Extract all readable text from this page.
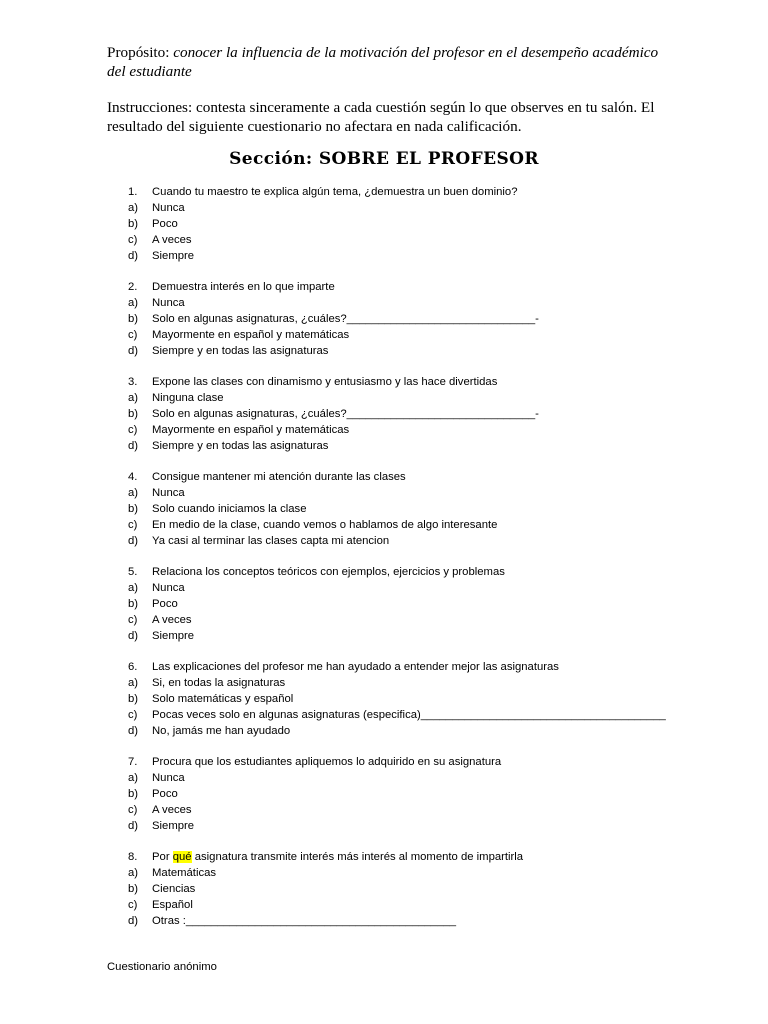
Propósito: conocer la influencia de la motivación del profesor en el desempeño académico del estudiante
Instrucciones: contesta sinceramente a cada cuestión según lo que observes en tu salón. El resultado del siguiente cuestionario no afectara en nada calificación.
Sección: SOBRE EL PROFESOR
1. Cuando tu maestro te explica algún tema, ¿demuestra un buen dominio?
a) Nunca
b) Poco
c) A veces
d) Siempre
2. Demuestra interés en lo que imparte
a) Nunca
b) Solo en algunas asignaturas, ¿cuáles?______________________________-
c) Mayormente en español y matemáticas
d) Siempre y en todas las asignaturas
3. Expone las clases con dinamismo y entusiasmo y las hace divertidas
a) Ninguna clase
b) Solo en algunas asignaturas, ¿cuáles?______________________________-
c) Mayormente en español y matemáticas
d) Siempre y en todas las asignaturas
4. Consigue mantener mi atención durante las clases
a) Nunca
b) Solo cuando iniciamos la clase
c) En medio de la clase, cuando vemos o hablamos de algo interesante
d) Ya casi al terminar las clases capta mi atencion
5. Relaciona los conceptos teóricos con ejemplos, ejercicios y problemas
a) Nunca
b) Poco
c) A veces
d) Siempre
6. Las explicaciones del profesor me han ayudado a entender mejor las asignaturas
a) Si, en todas la asignaturas
b) Solo matemáticas y español
c) Pocas veces solo en algunas asignaturas (especifica)_______________________________________
d) No, jamás me han ayudado
7. Procura que los estudiantes apliquemos lo adquirido en su asignatura
a) Nunca
b) Poco
c) A veces
d) Siempre
8. Por qué asignatura transmite interés más interés al momento de impartirla
a) Matemáticas
b) Ciencias
c) Español
d) Otras :___________________________________________
Cuestionario anónimo
